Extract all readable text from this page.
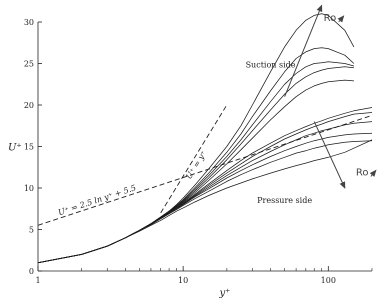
0
5
10
15
20
25
30
1	10	100
U⁺ = 2.5 ln y⁺ + 5.5
U⁺ = y⁺
Suction side
Pressure side
Ro
Ro
y⁺
U⁺
